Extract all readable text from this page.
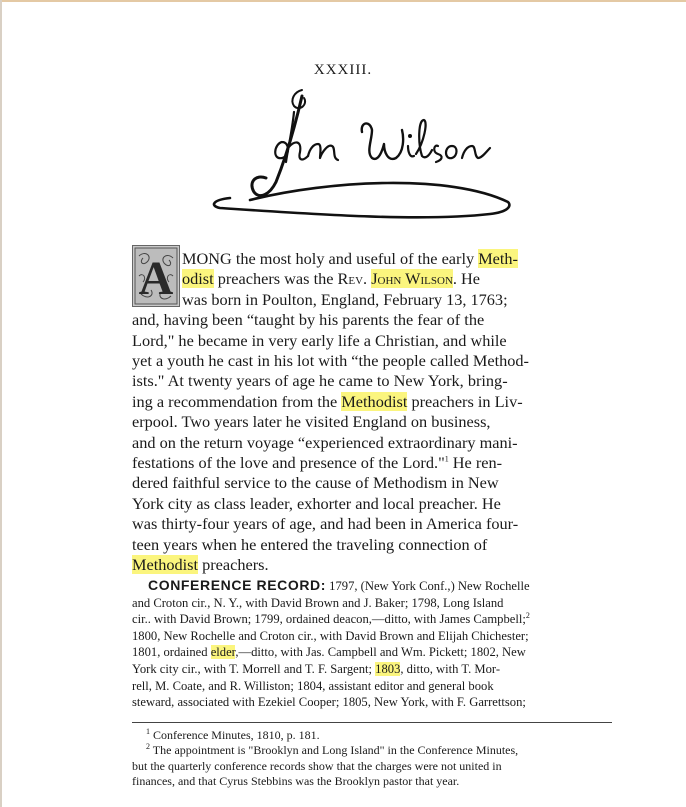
XXXIII.
A MONG the most holy and useful of the early Meth-
odist preachers was the Rev. John Wilson. He
was born in Poulton, England, February 13, 1763;
and, having been “taught by his parents the fear of the
Lord," he became in very early life a Christian, and while
yet a youth he cast in his lot with “the people called Method-
ists." At twenty years of age he came to New York, bring-
ing a recommendation from the Methodist preachers in Liv-
erpool. Two years later he visited England on business,
and on the return voyage “experienced extraordinary mani-
festations of the love and presence of the Lord."$^1$ He ren-
dered faithful service to the cause of Methodism in New
York city as class leader, exhorter and local preacher. He
was thirty-four years of age, and had been in America four-
teen years when he entered the traveling connection of
Methodist preachers.
CONFERENCE RECORD: 1797, (New York Conf.,) New Rochelle
and Croton cir., N. Y., with David Brown and J. Baker; 1798, Long Island
cir.. with David Brown; 1799, ordained deacon,—ditto, with James Campbell;$^2$
1800, New Rochelle and Croton cir., with David Brown and Elijah Chichester;
1801, ordained elder,—ditto, with Jas. Campbell and Wm. Pickett; 1802, New
York city cir., with T. Morrell and T. F. Sargent; 1803, ditto, with T. Mor-
rell, M. Coate, and R. Williston; 1804, assistant editor and general book
steward, associated with Ezekiel Cooper; 1805, New York, with F. Garrettson;
$^1$ Conference Minutes, 1810, p. 181.
$^2$ The appointment is "Brooklyn and Long Island" in the Conference Minutes,
but the quarterly conference records show that the charges were not united in
finances, and that Cyrus Stebbins was the Brooklyn pastor that year.
